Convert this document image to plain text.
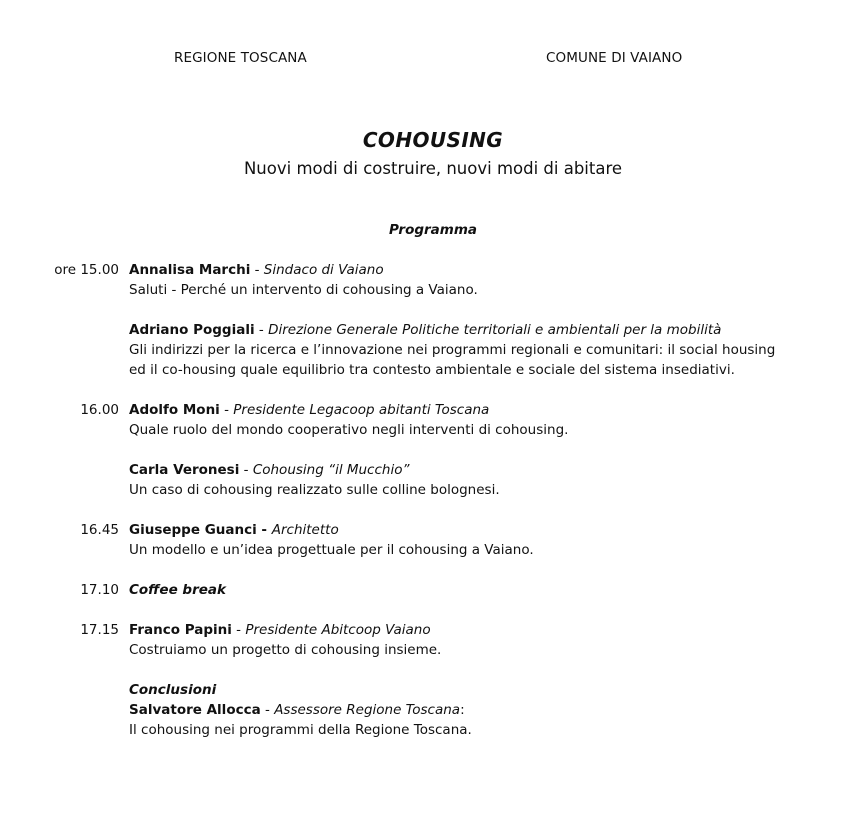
REGIONE TOSCANA	COMUNE DI VAIANO
COHOUSING
Nuovi modi di costruire, nuovi modi di abitare
Programma
ore 15.00 Annalisa Marchi - Sindaco di Vaiano
Saluti - Perché un intervento di cohousing a Vaiano.
Adriano Poggiali - Direzione Generale Politiche territoriali e ambientali per la mobilità
Gli indirizzi per la ricerca e l’innovazione nei programmi regionali e comunitari: il social housing
ed il co-housing quale equilibrio tra contesto ambientale e sociale del sistema insediativi.
16.00 Adolfo Moni - Presidente Legacoop abitanti Toscana
Quale ruolo del mondo cooperativo negli interventi di cohousing.
Carla Veronesi - Cohousing “il Mucchio”
Un caso di cohousing realizzato sulle colline bolognesi.
16.45 Giuseppe Guanci - Architetto
Un modello e un’idea progettuale per il cohousing a Vaiano.
17.10 Coffee break
17.15 Franco Papini - Presidente Abitcoop Vaiano
Costruiamo un progetto di cohousing insieme.
Conclusioni
Salvatore Allocca - Assessore Regione Toscana:
Il cohousing nei programmi della Regione Toscana.
